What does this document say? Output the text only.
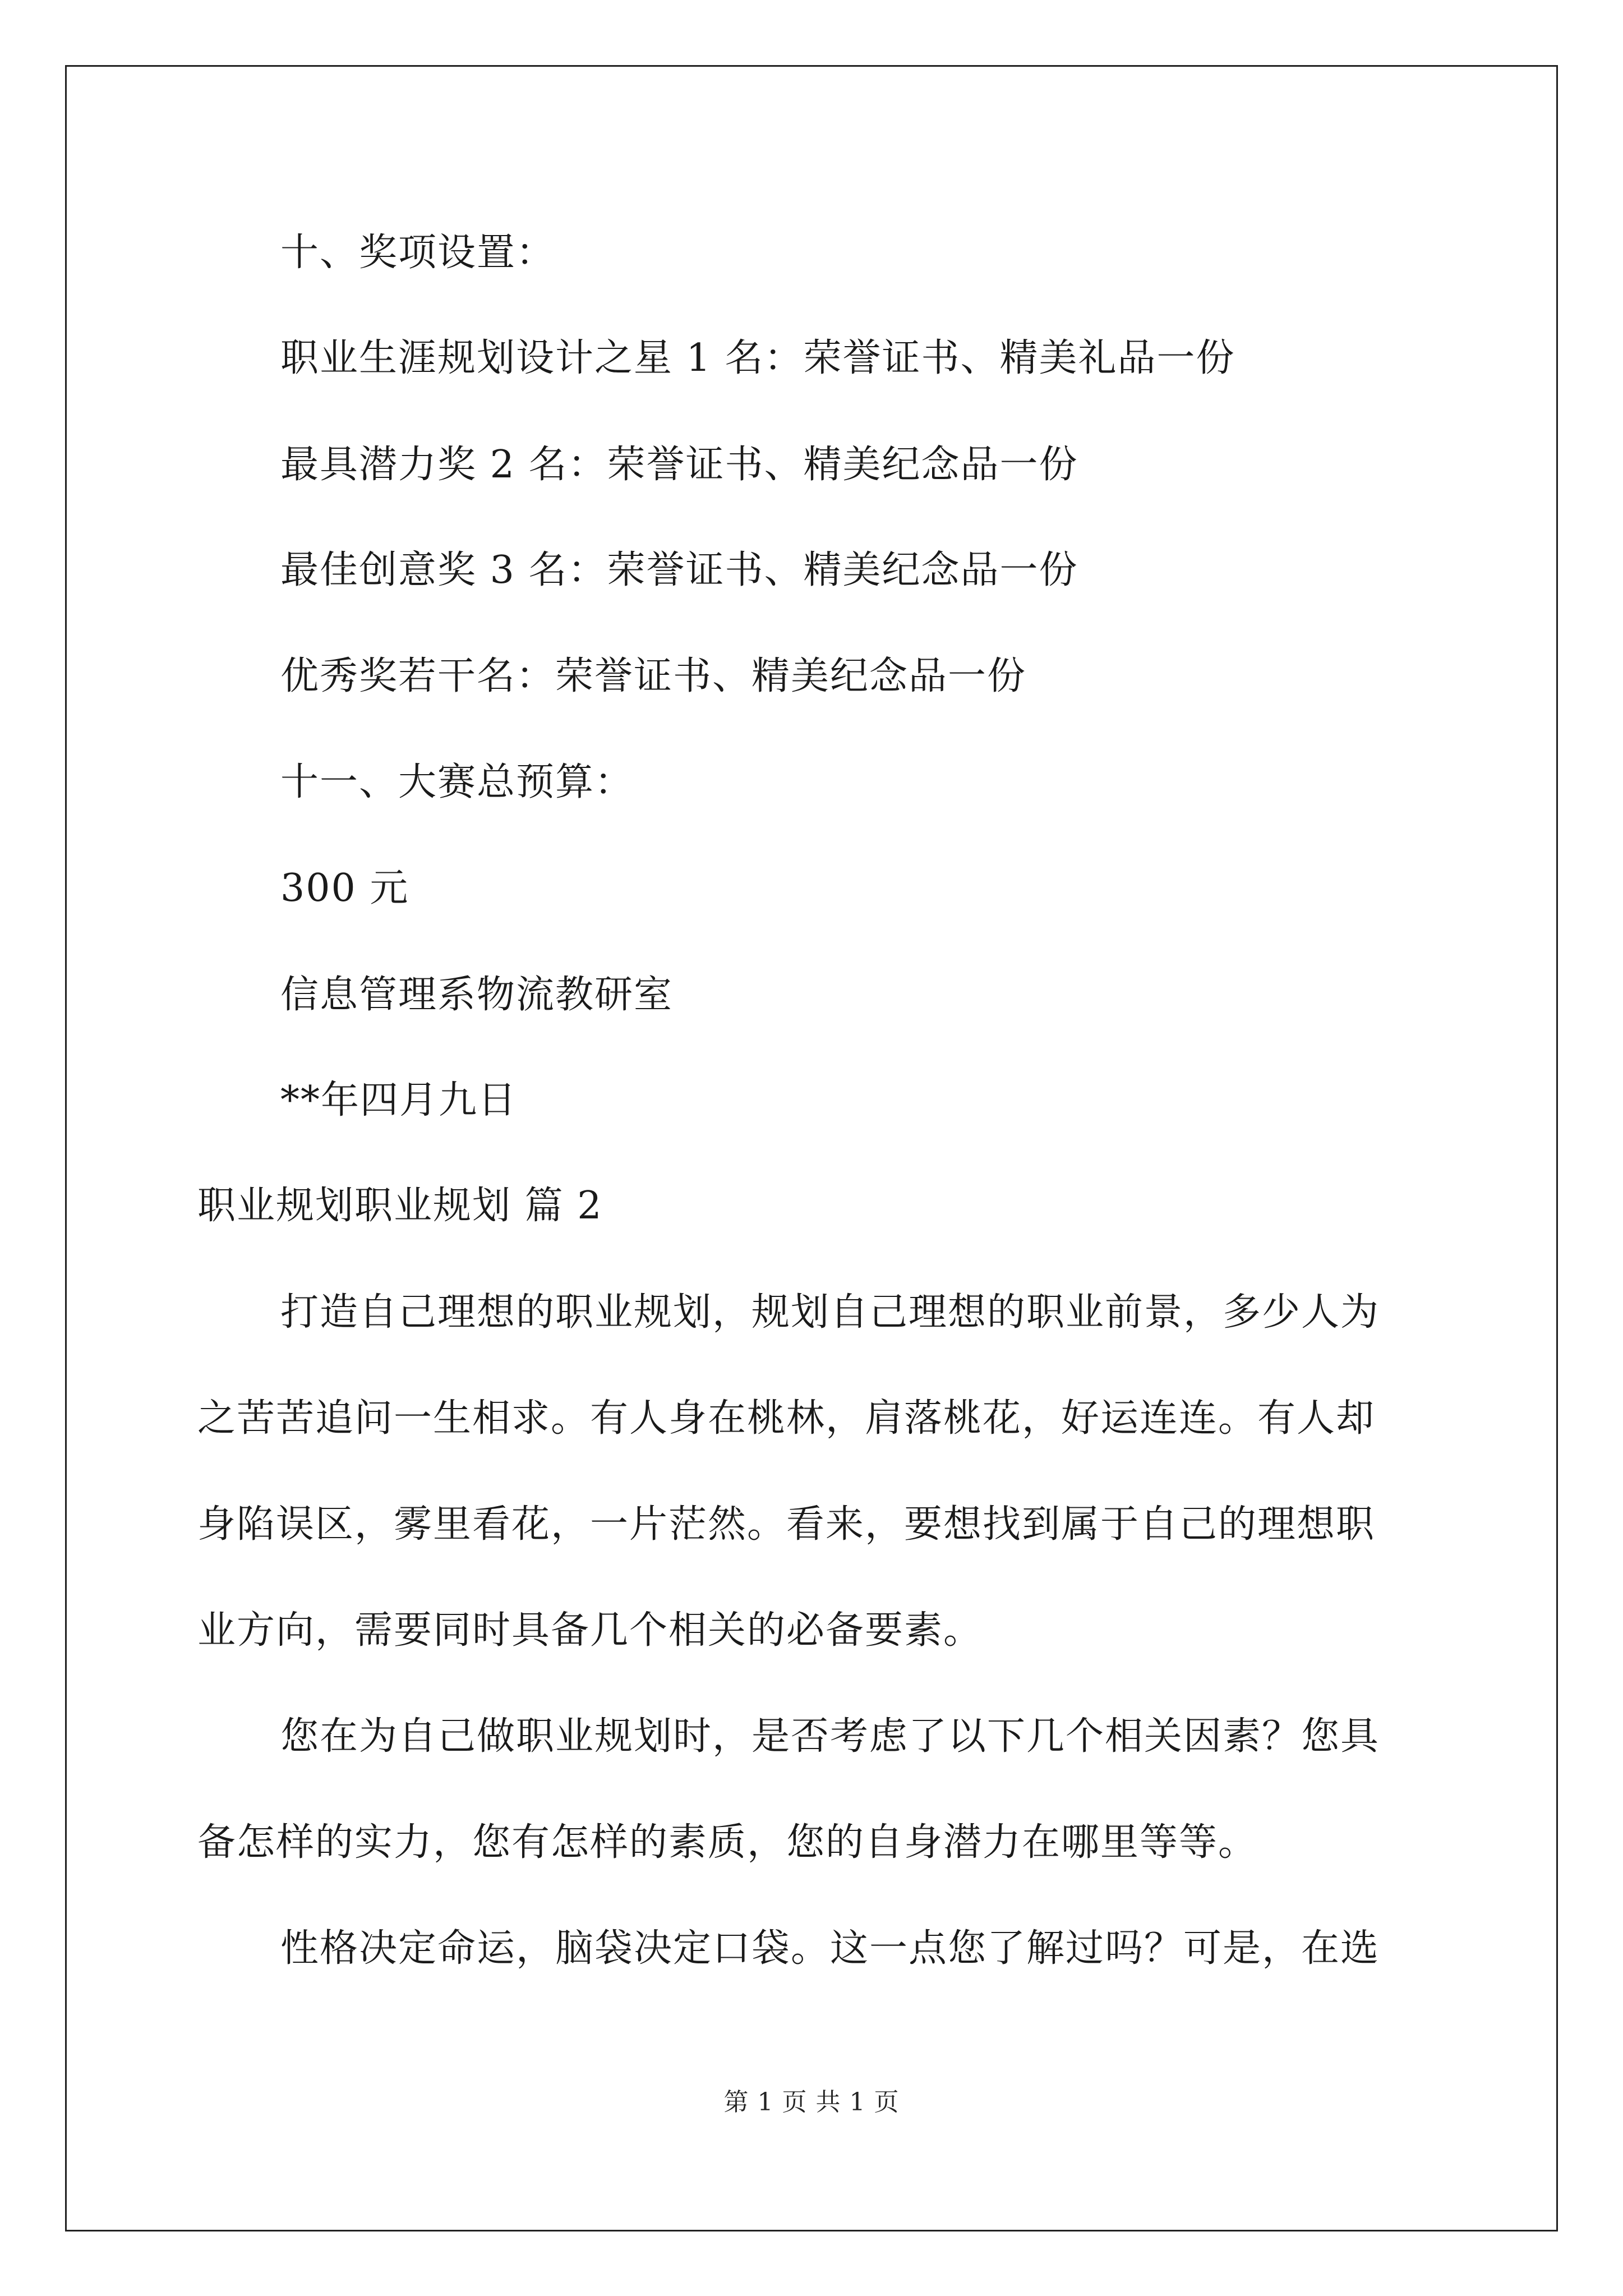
十、奖项设置：
职业生涯规划设计之星 1 名：荣誉证书、精美礼品一份
最具潜力奖 2 名：荣誉证书、精美纪念品一份
最佳创意奖 3 名：荣誉证书、精美纪念品一份
优秀奖若干名：荣誉证书、精美纪念品一份
十一、大赛总预算：
300 元
信息管理系物流教研室
**年四月九日
职业规划职业规划 篇 2
打造自己理想的职业规划，规划自己理想的职业前景，多少人为
之苦苦追问一生相求。有人身在桃林，肩落桃花，好运连连。有人却
身陷误区，雾里看花，一片茫然。看来，要想找到属于自己的理想职
业方向，需要同时具备几个相关的必备要素。
您在为自己做职业规划时，是否考虑了以下几个相关因素？您具
备怎样的实力，您有怎样的素质，您的自身潜力在哪里等等。
性格决定命运，脑袋决定口袋。这一点您了解过吗？可是，在选
第 1 页 共 1 页
